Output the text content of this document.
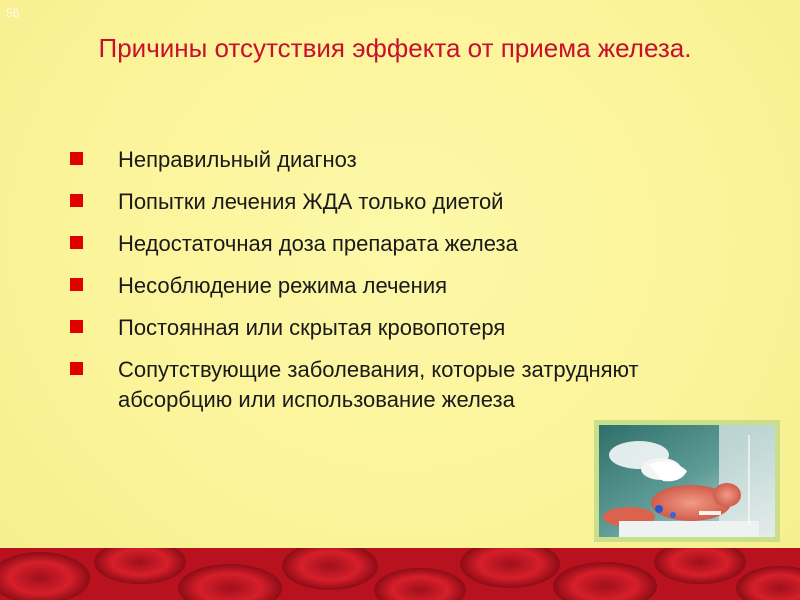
56
Причины отсутствия эффекта от приема железа.
Неправильный диагноз
Попытки лечения ЖДА только диетой
Недостаточная доза препарата железа
Несоблюдение режима лечения
Постоянная или скрытая кровопотеря
Сопутствующие заболевания, которые затрудняют абсорбцию или использование железа
